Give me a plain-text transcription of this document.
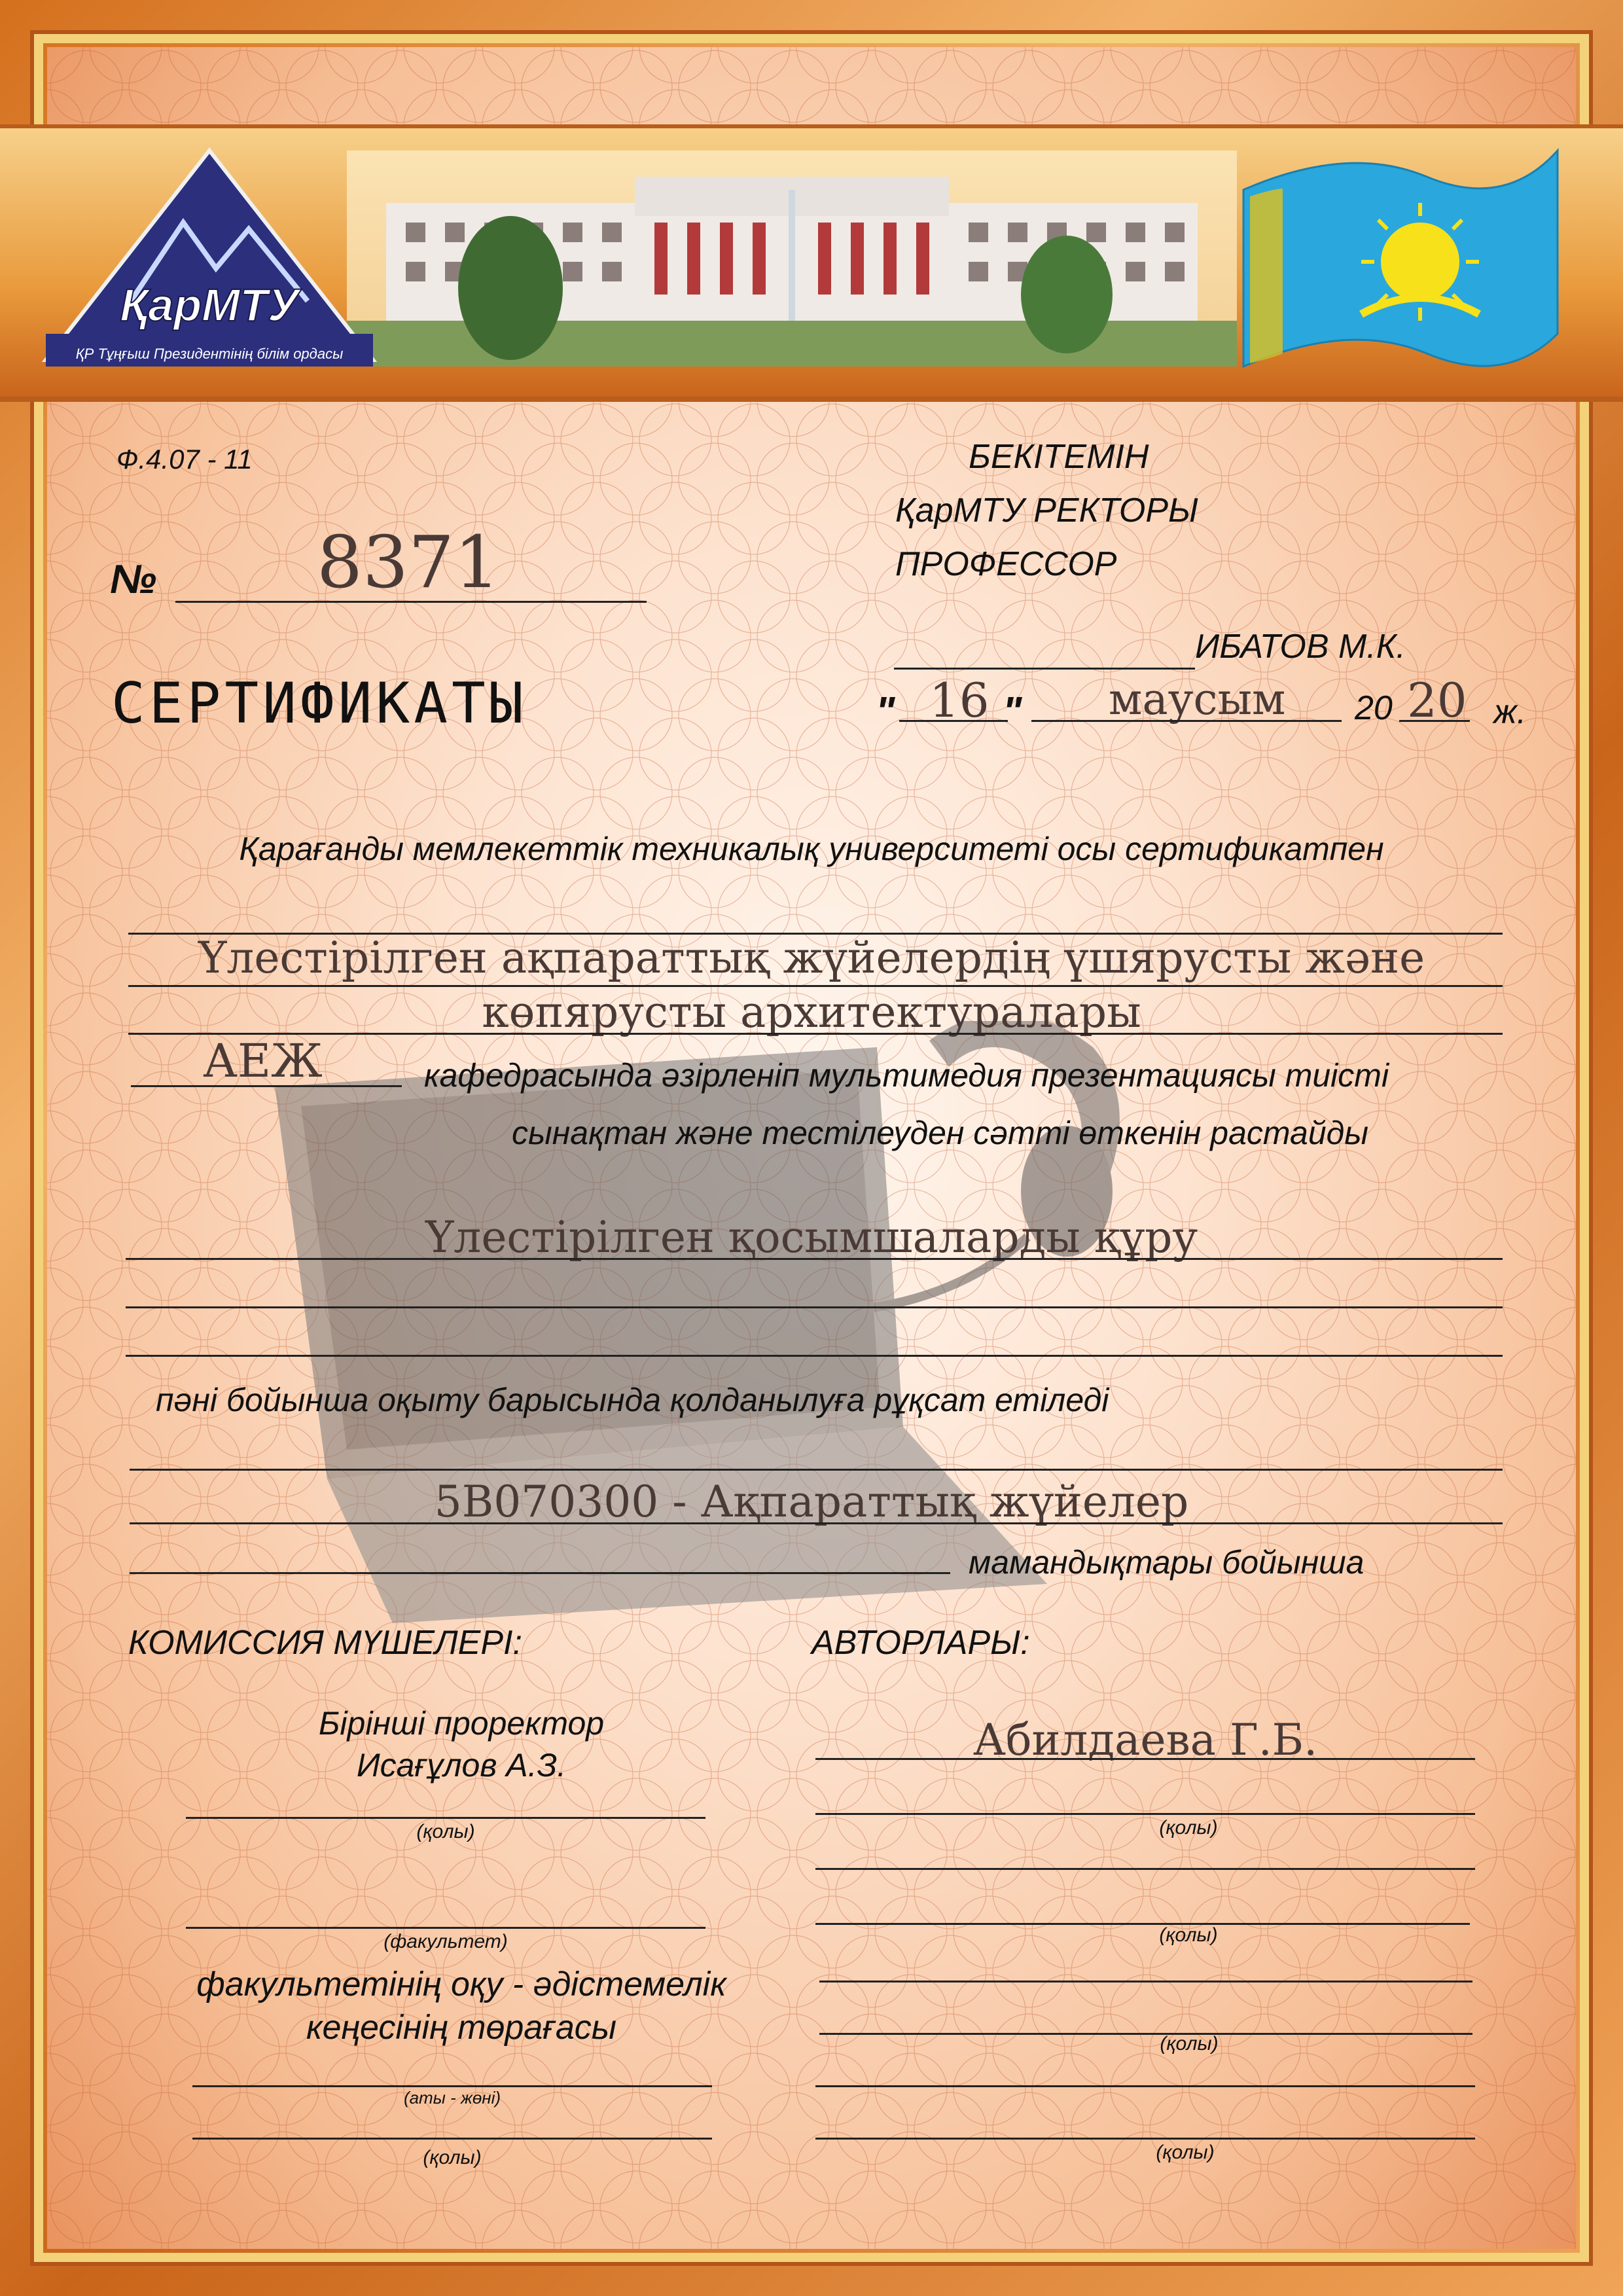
ҚарМТУ
ҚР Тұңғыш Президентінің білім ордасы
Ф.4.07 - 11
№ 8371
СЕРТИФИКАТЫ
БЕКІТЕМІН
ҚарМТУ РЕКТОРЫ
ПРОФЕССОР
ИБАТОВ М.К.
" 16 " маусым 20 20 ж.
Қарағанды мемлекеттік техникалық университеті осы сертификатпен
Үлестірілген ақпараттық жүйелердің үшярусты және
көпярусты архитектуралары
АЕЖ	кафедрасында әзірленіп мультимедия презентациясы тиісті
сынақтан және тестілеуден сәтті өткенін растайды
Үлестірілген қосымшаларды құру
пәні бойынша оқыту барысында қолданылуға рұқсат етіледі
5В070300 - Ақпараттық жүйелер
мамандықтары бойынша
КОМИССИЯ МҮШЕЛЕРІ:
Бірінші проректор
Исағұлов А.З.
(қолы)
(факультет)
факультетінің оқу - әдістемелік
кеңесінің төрағасы
(аты - жөні)
(қолы)
АВТОРЛАРЫ:
Абилдаева Г.Б.
(қолы)
(қолы)
(қолы)
(қолы)
